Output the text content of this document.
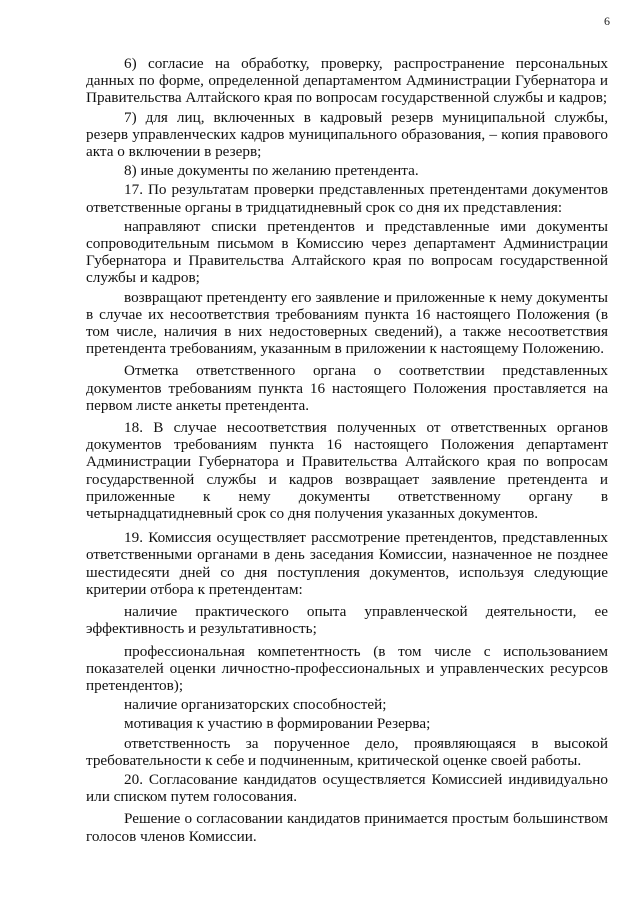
6

6) согласие на обработку, проверку, распространение персональных данных по форме, определенной департаментом Администрации Губернатора и Правительства Алтайского края по вопросам государственной службы и кадров;

7) для лиц, включенных в кадровый резерв муниципальной службы, резерв управленческих кадров муниципального образования, – копия правового акта о включении в резерв;

8) иные документы по желанию претендента.

17. По результатам проверки представленных претендентами документов ответственные органы в тридцатидневный срок со дня их представления:

направляют списки претендентов и представленные ими документы сопроводительным письмом в Комиссию через департамент Администрации Губернатора и Правительства Алтайского края по вопросам государственной службы и кадров;

возвращают претенденту его заявление и приложенные к нему документы в случае их несоответствия требованиям пункта 16 настоящего Положения (в том числе, наличия в них недостоверных сведений), а также несоответствия претендента требованиям, указанным в приложении к настоящему Положению.

Отметка ответственного органа о соответствии представленных документов требованиям пункта 16 настоящего Положения проставляется на первом листе анкеты претендента.

18. В случае несоответствия полученных от ответственных органов документов требованиям пункта 16 настоящего Положения департамент Администрации Губернатора и Правительства Алтайского края по вопросам государственной службы и кадров возвращает заявление претендента и приложенные к нему документы ответственному органу в четырнадцатидневный срок со дня получения указанных документов.

19. Комиссия осуществляет рассмотрение претендентов, представленных ответственными органами в день заседания Комиссии, назначенное не позднее шестидесяти дней со дня поступления документов, используя следующие критерии отбора к претендентам:

наличие практического опыта управленческой деятельности, ее эффективность и результативность;

профессиональная компетентность (в том числе с использованием показателей оценки личностно-профессиональных и управленческих ресурсов претендентов);

наличие организаторских способностей;

мотивация к участию в формировании Резерва;

ответственность за порученное дело, проявляющаяся в высокой требовательности к себе и подчиненным, критической оценке своей работы.

20. Согласование кандидатов осуществляется Комиссией индивидуально или списком путем голосования.

Решение о согласовании кандидатов принимается простым большинством голосов членов Комиссии.
